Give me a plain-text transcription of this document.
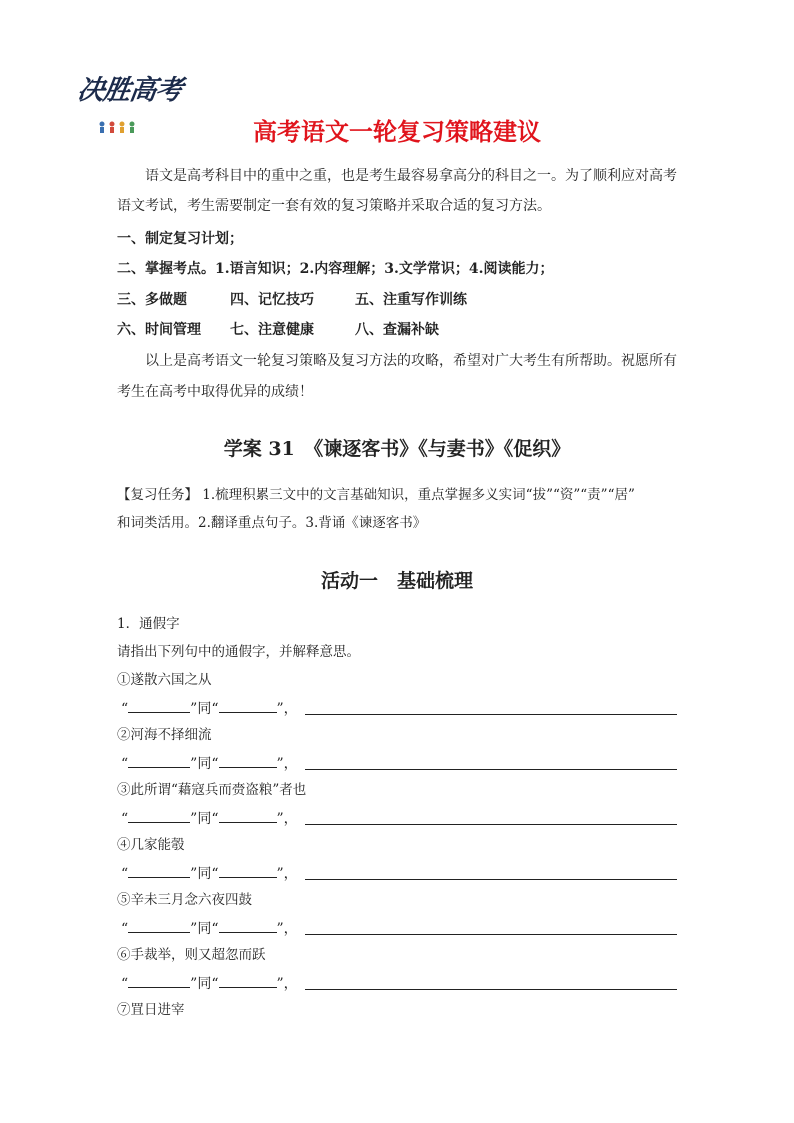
决胜高考
高考语文一轮复习策略建议
语文是高考科目中的重中之重，也是考生最容易拿高分的科目之一。为了顺利应对高考
语文考试，考生需要制定一套有效的复习策略并采取合适的复习方法。
一、制定复习计划；
二、掌握考点。1.语言知识；2.内容理解；3.文学常识；4.阅读能力；
三、多做题	四、记忆技巧	五、注重写作训练
六、时间管理 七、注意健康	八、查漏补缺
以上是高考语文一轮复习策略及复习方法的攻略，希望对广大考生有所帮助。祝愿所有
考生在高考中取得优异的成绩！
学案 31　《谏逐客书》《与妻书》《促织》
【复习任务】 1.梳理积累三文中的文言基础知识，重点掌握多义实词“拔”“资”“责”“居”
和词类活用。2.翻译重点句子。3.背诵《谏逐客书》
活动一　基础梳理
1．通假字
请指出下列句中的通假字，并解释意思。
①遂散六国之从
“	”同“	”，
②河海不择细流
“	”同“	”，
③此所谓“藉寇兵而赍盗粮”者也
“	”同“	”，
④几家能彀
“	”同“	”，
⑤辛未三月念六夜四鼓
“	”同“	”，
⑥手裁举，则又超忽而跃
“	”同“	”，
⑦罝日进宰
